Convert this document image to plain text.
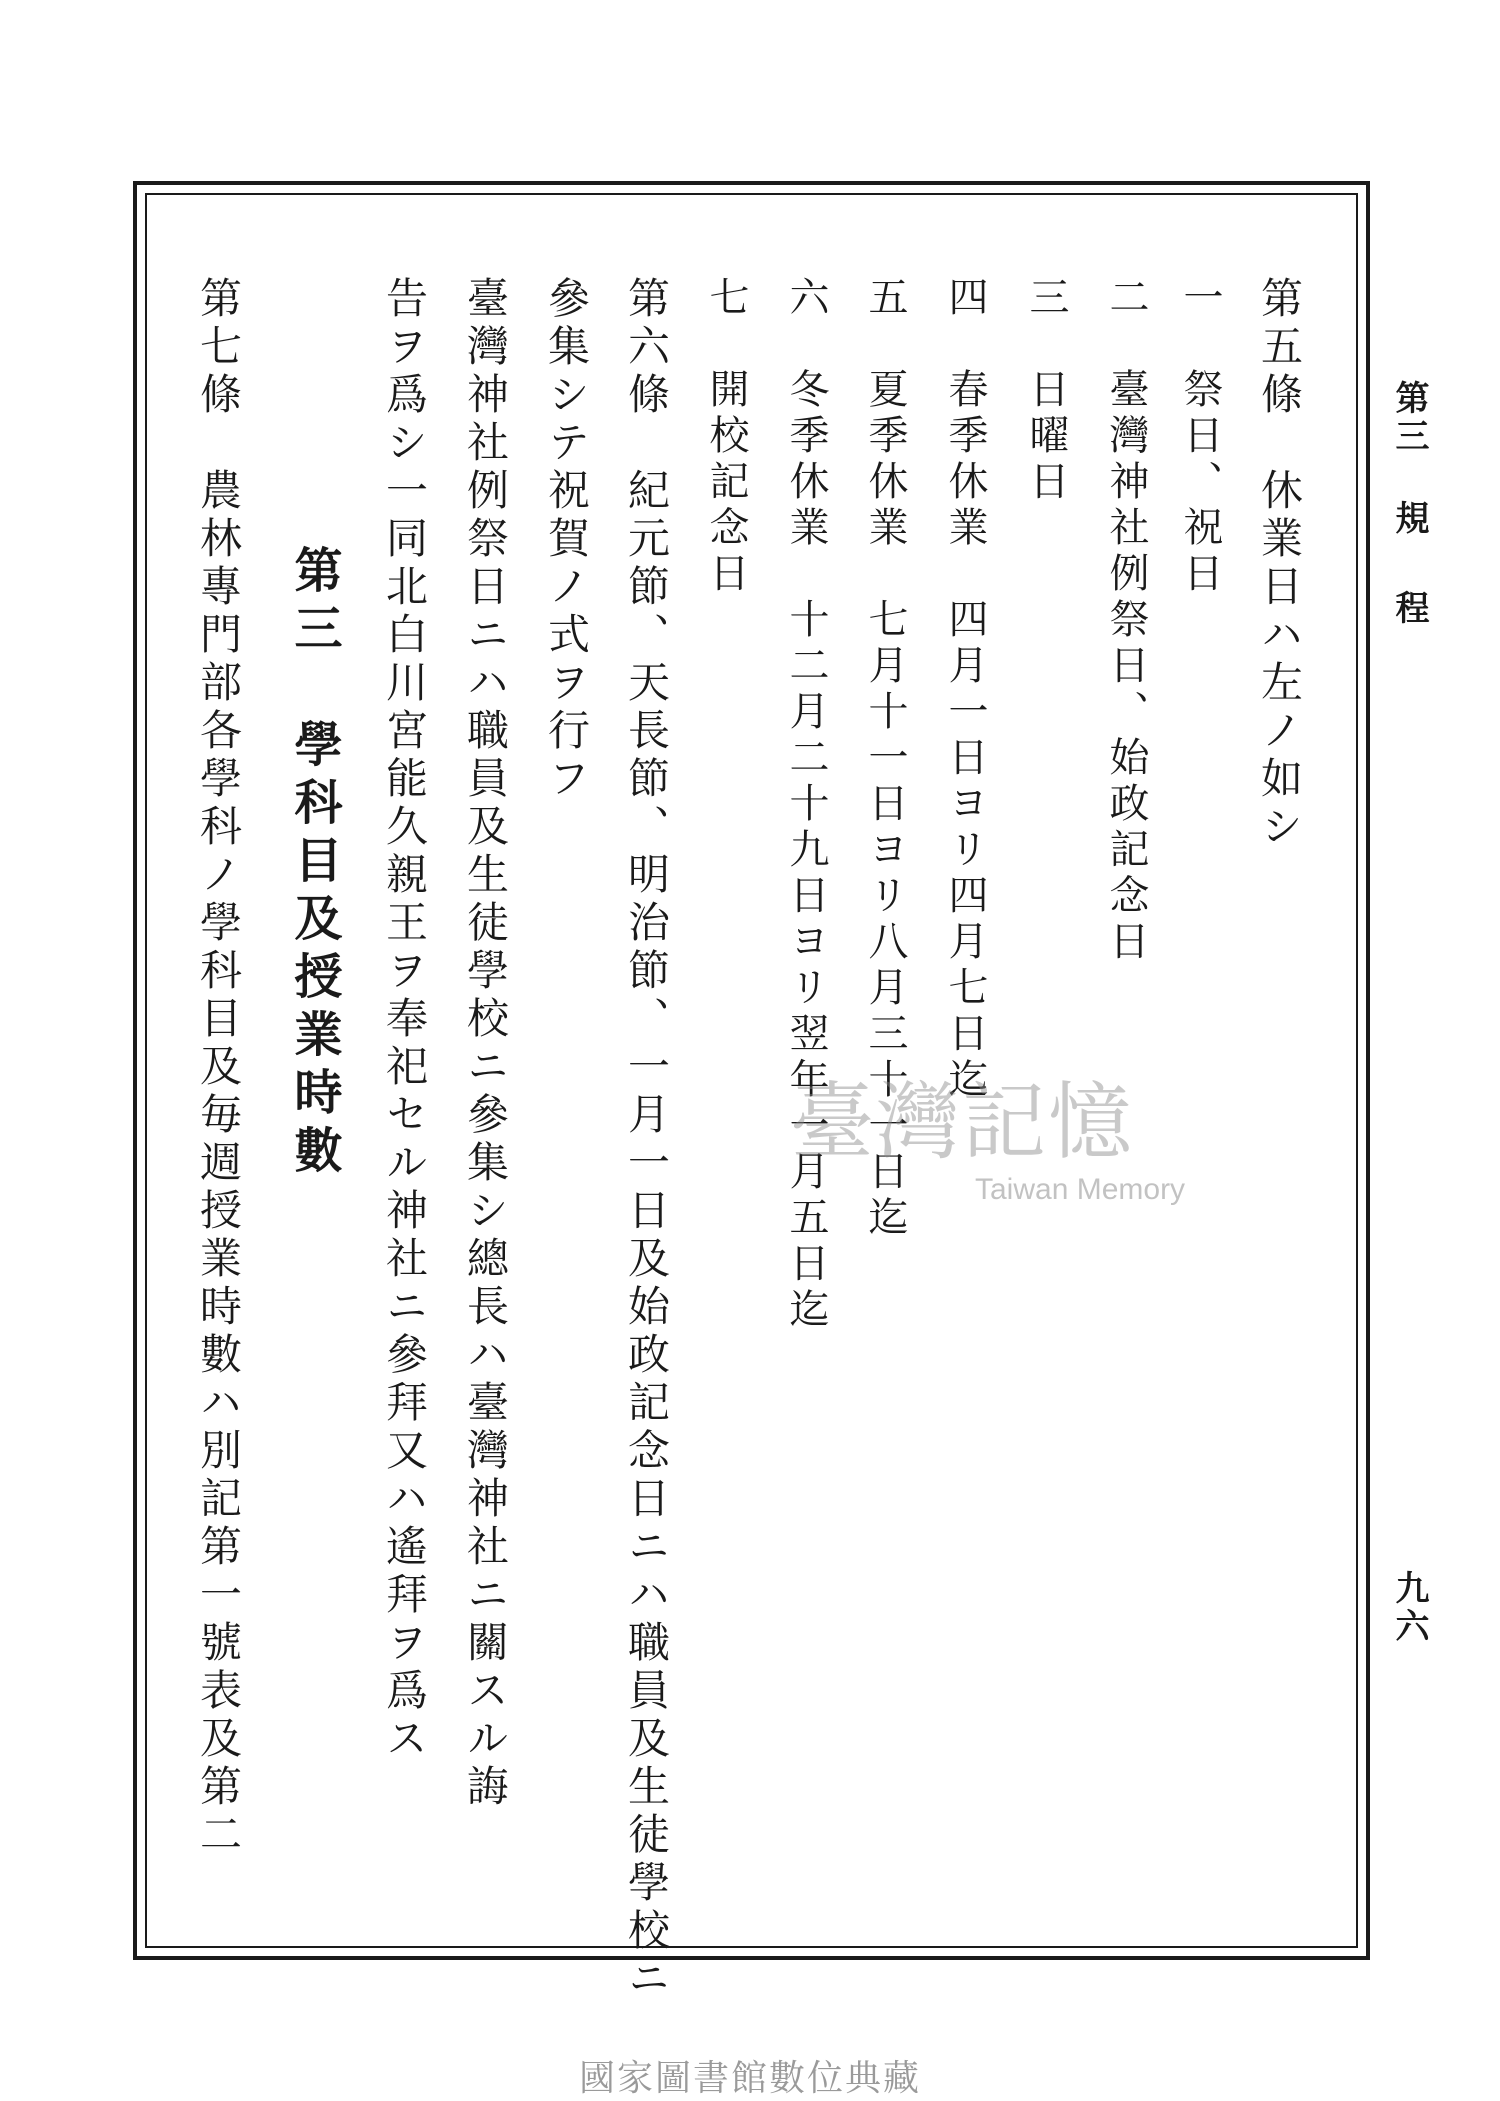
第三 規
程
九六
第五條　休業日ハ左ノ如シ
一　祭日、祝日
二　臺灣神社例祭日、始政記念日
三　日曜日
四　春季休業　四月一日ヨリ四月七日迄
五　夏季休業　七月十一日ヨリ八月三十一日迄
六　冬季休業　十二月二十九日ヨリ翌年一月五日迄
七　開校記念日
第六條　紀元節、天長節、明治節、一月一日及始政記念日ニハ職員及生徒學校ニ
參集シテ祝賀ノ式ヲ行フ
臺灣神社例祭日ニハ職員及生徒學校ニ參集シ總長ハ臺灣神社ニ關スル誨
告ヲ爲シ一同北白川宮能久親王ヲ奉祀セル神社ニ參拜又ハ遙拜ヲ爲ス
第三　學科目及授業時數
第七條　農林專門部各學科ノ學科目及毎週授業時數ハ別記第一號表及第二	臺灣記憶
Taiwan Memory
國家圖書館數位典藏
